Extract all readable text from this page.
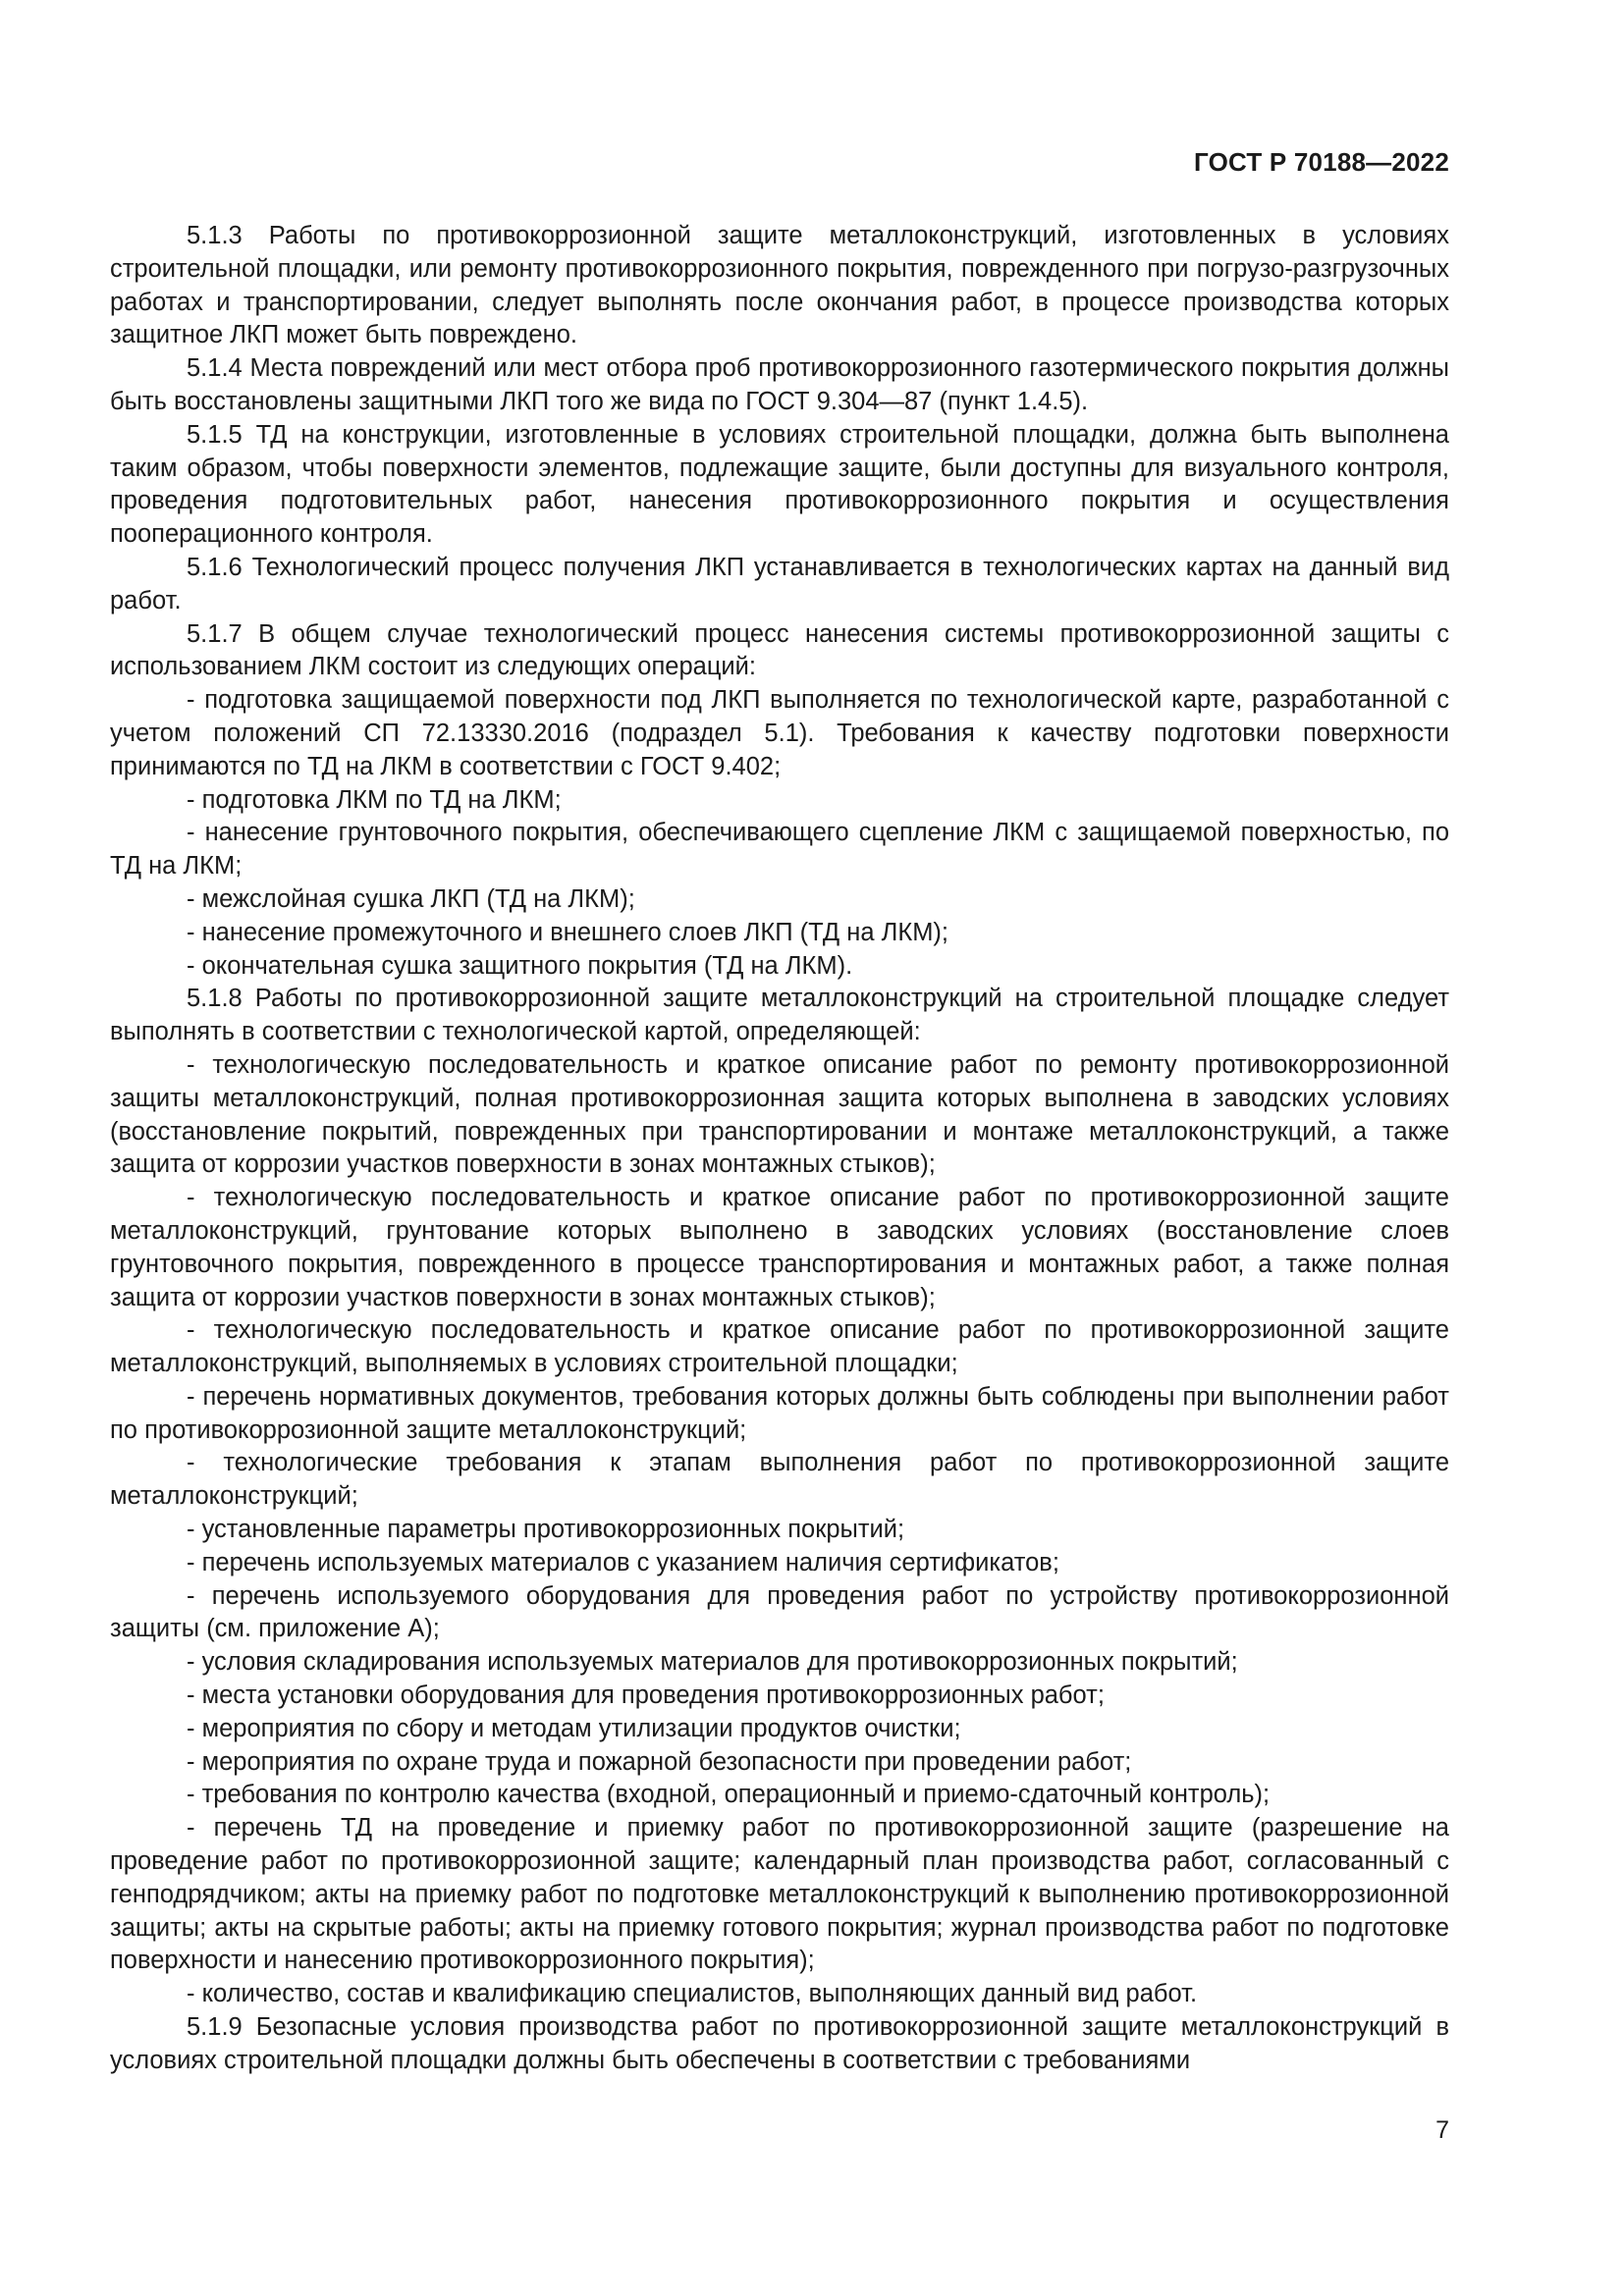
ГОСТ Р 70188—2022

5.1.3 Работы по противокоррозионной защите металлоконструкций, изготовленных в условиях строительной площадки, или ремонту противокоррозионного покрытия, поврежденного при погрузо-разгрузочных работах и транспортировании, следует выполнять после окончания работ, в процессе производства которых защитное ЛКП может быть повреждено.

5.1.4 Места повреждений или мест отбора проб противокоррозионного газотермического покрытия должны быть восстановлены защитными ЛКП того же вида по ГОСТ 9.304—87 (пункт 1.4.5).

5.1.5 ТД на конструкции, изготовленные в условиях строительной площадки, должна быть выполнена таким образом, чтобы поверхности элементов, подлежащие защите, были доступны для визуального контроля, проведения подготовительных работ, нанесения противокоррозионного покрытия и осуществления пооперационного контроля.

5.1.6 Технологический процесс получения ЛКП устанавливается в технологических картах на данный вид работ.

5.1.7 В общем случае технологический процесс нанесения системы противокоррозионной защиты с использованием ЛКМ состоит из следующих операций:

- подготовка защищаемой поверхности под ЛКП выполняется по технологической карте, разработанной с учетом положений СП 72.13330.2016 (подраздел 5.1). Требования к качеству подготовки поверхности принимаются по ТД на ЛКМ в соответствии с ГОСТ 9.402;

- подготовка ЛКМ по ТД на ЛКМ;

- нанесение грунтовочного покрытия, обеспечивающего сцепление ЛКМ с защищаемой поверхностью, по ТД на ЛКМ;

- межслойная сушка ЛКП (ТД на ЛКМ);

- нанесение промежуточного и внешнего слоев ЛКП (ТД на ЛКМ);

- окончательная сушка защитного покрытия (ТД на ЛКМ).

5.1.8 Работы по противокоррозионной защите металлоконструкций на строительной площадке следует выполнять в соответствии с технологической картой, определяющей:

- технологическую последовательность и краткое описание работ по ремонту противокоррозионной защиты металлоконструкций, полная противокоррозионная защита которых выполнена в заводских условиях (восстановление покрытий, поврежденных при транспортировании и монтаже металлоконструкций, а также защита от коррозии участков поверхности в зонах монтажных стыков);

- технологическую последовательность и краткое описание работ по противокоррозионной защите металлоконструкций, грунтование которых выполнено в заводских условиях (восстановление слоев грунтовочного покрытия, поврежденного в процессе транспортирования и монтажных работ, а также полная защита от коррозии участков поверхности в зонах монтажных стыков);

- технологическую последовательность и краткое описание работ по противокоррозионной защите металлоконструкций, выполняемых в условиях строительной площадки;

- перечень нормативных документов, требования которых должны быть соблюдены при выполнении работ по противокоррозионной защите металлоконструкций;

- технологические требования к этапам выполнения работ по противокоррозионной защите металлоконструкций;

- установленные параметры противокоррозионных покрытий;

- перечень используемых материалов с указанием наличия сертификатов;

- перечень используемого оборудования для проведения работ по устройству противокоррозионной защиты (см. приложение А);

- условия складирования используемых материалов для противокоррозионных покрытий;

- места установки оборудования для проведения противокоррозионных работ;

- мероприятия по сбору и методам утилизации продуктов очистки;

- мероприятия по охране труда и пожарной безопасности при проведении работ;

- требования по контролю качества (входной, операционный и приемо-сдаточный контроль);

- перечень ТД на проведение и приемку работ по противокоррозионной защите (разрешение на проведение работ по противокоррозионной защите; календарный план производства работ, согласованный с генподрядчиком; акты на приемку работ по подготовке металлоконструкций к выполнению противокоррозионной защиты; акты на скрытые работы; акты на приемку готового покрытия; журнал производства работ по подготовке поверхности и нанесению противокоррозионного покрытия);

- количество, состав и квалификацию специалистов, выполняющих данный вид работ.

5.1.9 Безопасные условия производства работ по противокоррозионной защите металлоконструкций в условиях строительной площадки должны быть обеспечены в соответствии с требованиями

7
